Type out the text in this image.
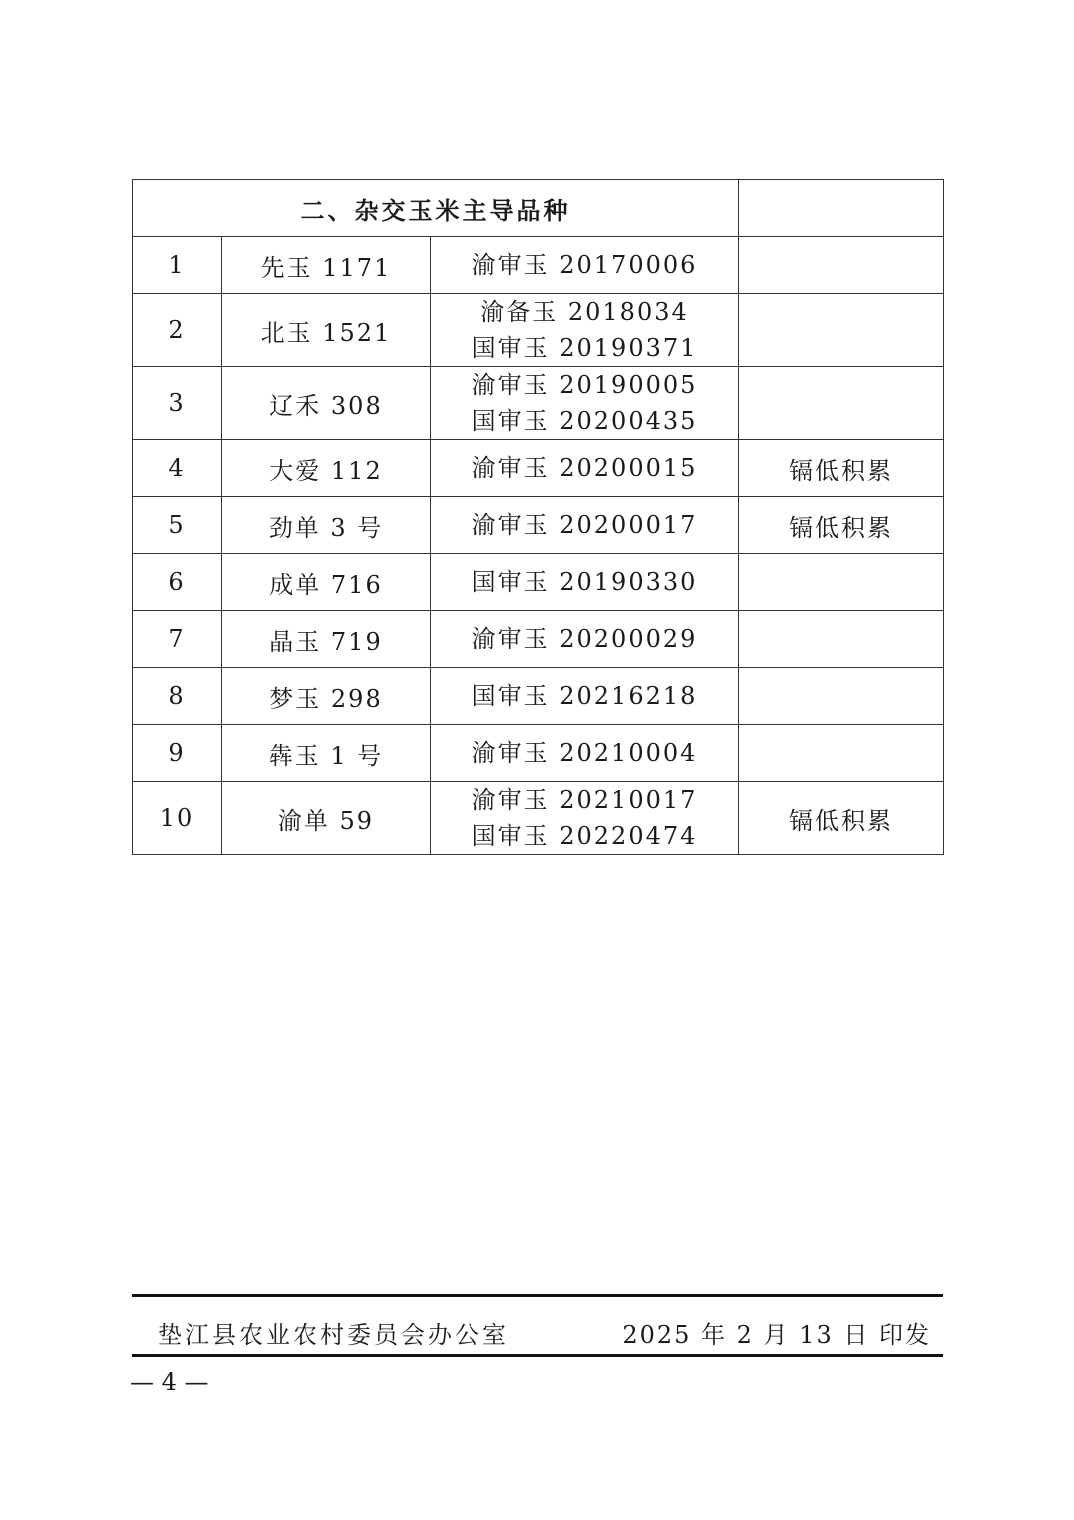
二、杂交玉米主导品种			
1	先玉 1171	渝审玉 20170006	

2	北玉 1521	渝备玉 2018034
国审玉 20190371	

3	辽禾 308	渝审玉 20190005
国审玉 20200435	

4	大爱 112	渝审玉 20200015	镉低积累
5	劲单 3 号	渝审玉 20200017	镉低积累
6	成单 716	国审玉 20190330	

7	晶玉 719	渝审玉 20200029	

8	梦玉 298	国审玉 20216218	

9	犇玉 1 号	渝审玉 20210004	

10	渝单 59	渝审玉 20210017
国审玉 20220474	镉低积累
垫江县农业农村委员会办公室	2025 年 2 月 13 日 印发
— 4 —
